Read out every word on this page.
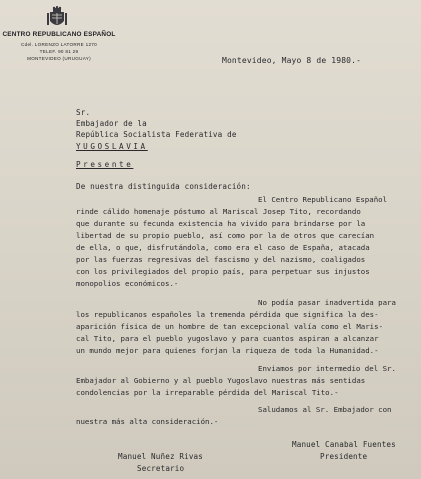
CENTRO REPUBLICANO ESPAÑOL
Cdel. LORENZO LATORRE 1270
TELEF. 90 81 29
MONTEVIDEO (URUGUAY)	Montevideo, Mayo 8 de 1980.-
Sr.
Embajador de la
República Socialista Federativa de
YUGOSLAVIA
Presente
De nuestra distinguida consideración:
El Centro Republicano Español
rinde cálido homenaje póstumo al Mariscal Josep Tito, recordando
que durante su fecunda existencia ha vivido para brindarse por la
libertad de su propio pueblo, así como por la de otros que carecían
de ella, o que, disfrutándola, como era el caso de España, atacada
por las fuerzas regresivas del fascismo y del nazismo, coaligados
con los privilegiados del propio país, para perpetuar sus injustos
monopolios económicos.-
No podía pasar inadvertida para
los republicanos españoles la tremenda pérdida que significa la des-
aparición física de un hombre de tan excepcional valía como el Maris-
cal Tito, para el pueblo yugoslavo y para cuantos aspiran a alcanzar
un mundo mejor para quienes forjan la riqueza de toda la Humanidad.-
Enviamos por intermedio del Sr.
Embajador al Gobierno y al pueblo Yugoslavo nuestras más sentidas
condolencias por la irreparable pérdida del Mariscal Tito.-
Saludamos al Sr. Embajador con
nuestra más alta consideración.-
Manuel Canabal Fuentes
Presidente
Manuel Nuñez Rivas
Secretario
